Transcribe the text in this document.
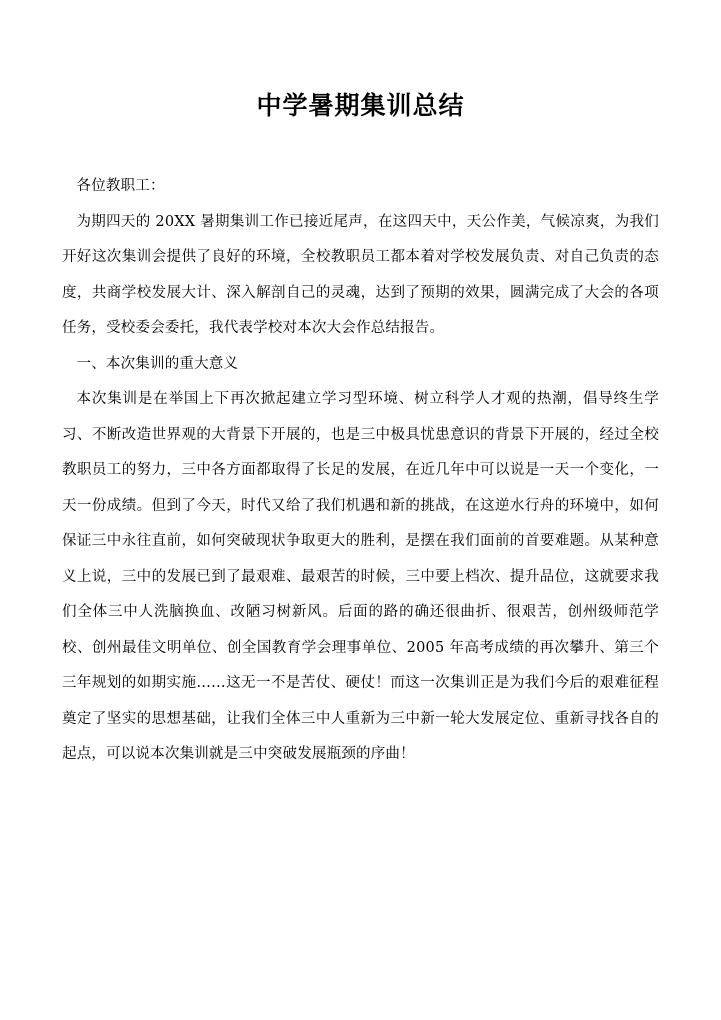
中学暑期集训总结

各位教职工：

为期四天的 20XX 暑期集训工作已接近尾声，在这四天中，天公作美，气候凉爽，为我们开好这次集训会提供了良好的环境，全校教职员工都本着对学校发展负责、对自己负责的态度，共商学校发展大计、深入解剖自己的灵魂，达到了预期的效果，圆满完成了大会的各项任务，受校委会委托，我代表学校对本次大会作总结报告。

一、本次集训的重大意义

本次集训是在举国上下再次掀起建立学习型环境、树立科学人才观的热潮，倡导终生学习、不断改造世界观的大背景下开展的，也是三中极具忧患意识的背景下开展的，经过全校教职员工的努力，三中各方面都取得了长足的发展，在近几年中可以说是一天一个变化，一天一份成绩。但到了今天，时代又给了我们机遇和新的挑战，在这逆水行舟的环境中，如何保证三中永往直前，如何突破现状争取更大的胜利，是摆在我们面前的首要难题。从某种意义上说，三中的发展已到了最艰难、最艰苦的时候，三中要上档次、提升品位，这就要求我们全体三中人洗脑换血、改陋习树新风。后面的路的确还很曲折、很艰苦，创州级师范学校、创州最佳文明单位、创全国教育学会理事单位、2005 年高考成绩的再次攀升、第三个三年规划的如期实施……这无一不是苦仗、硬仗！而这一次集训正是为我们今后的艰难征程奠定了坚实的思想基础，让我们全体三中人重新为三中新一轮大发展定位、重新寻找各自的起点，可以说本次集训就是三中突破发展瓶颈的序曲！
